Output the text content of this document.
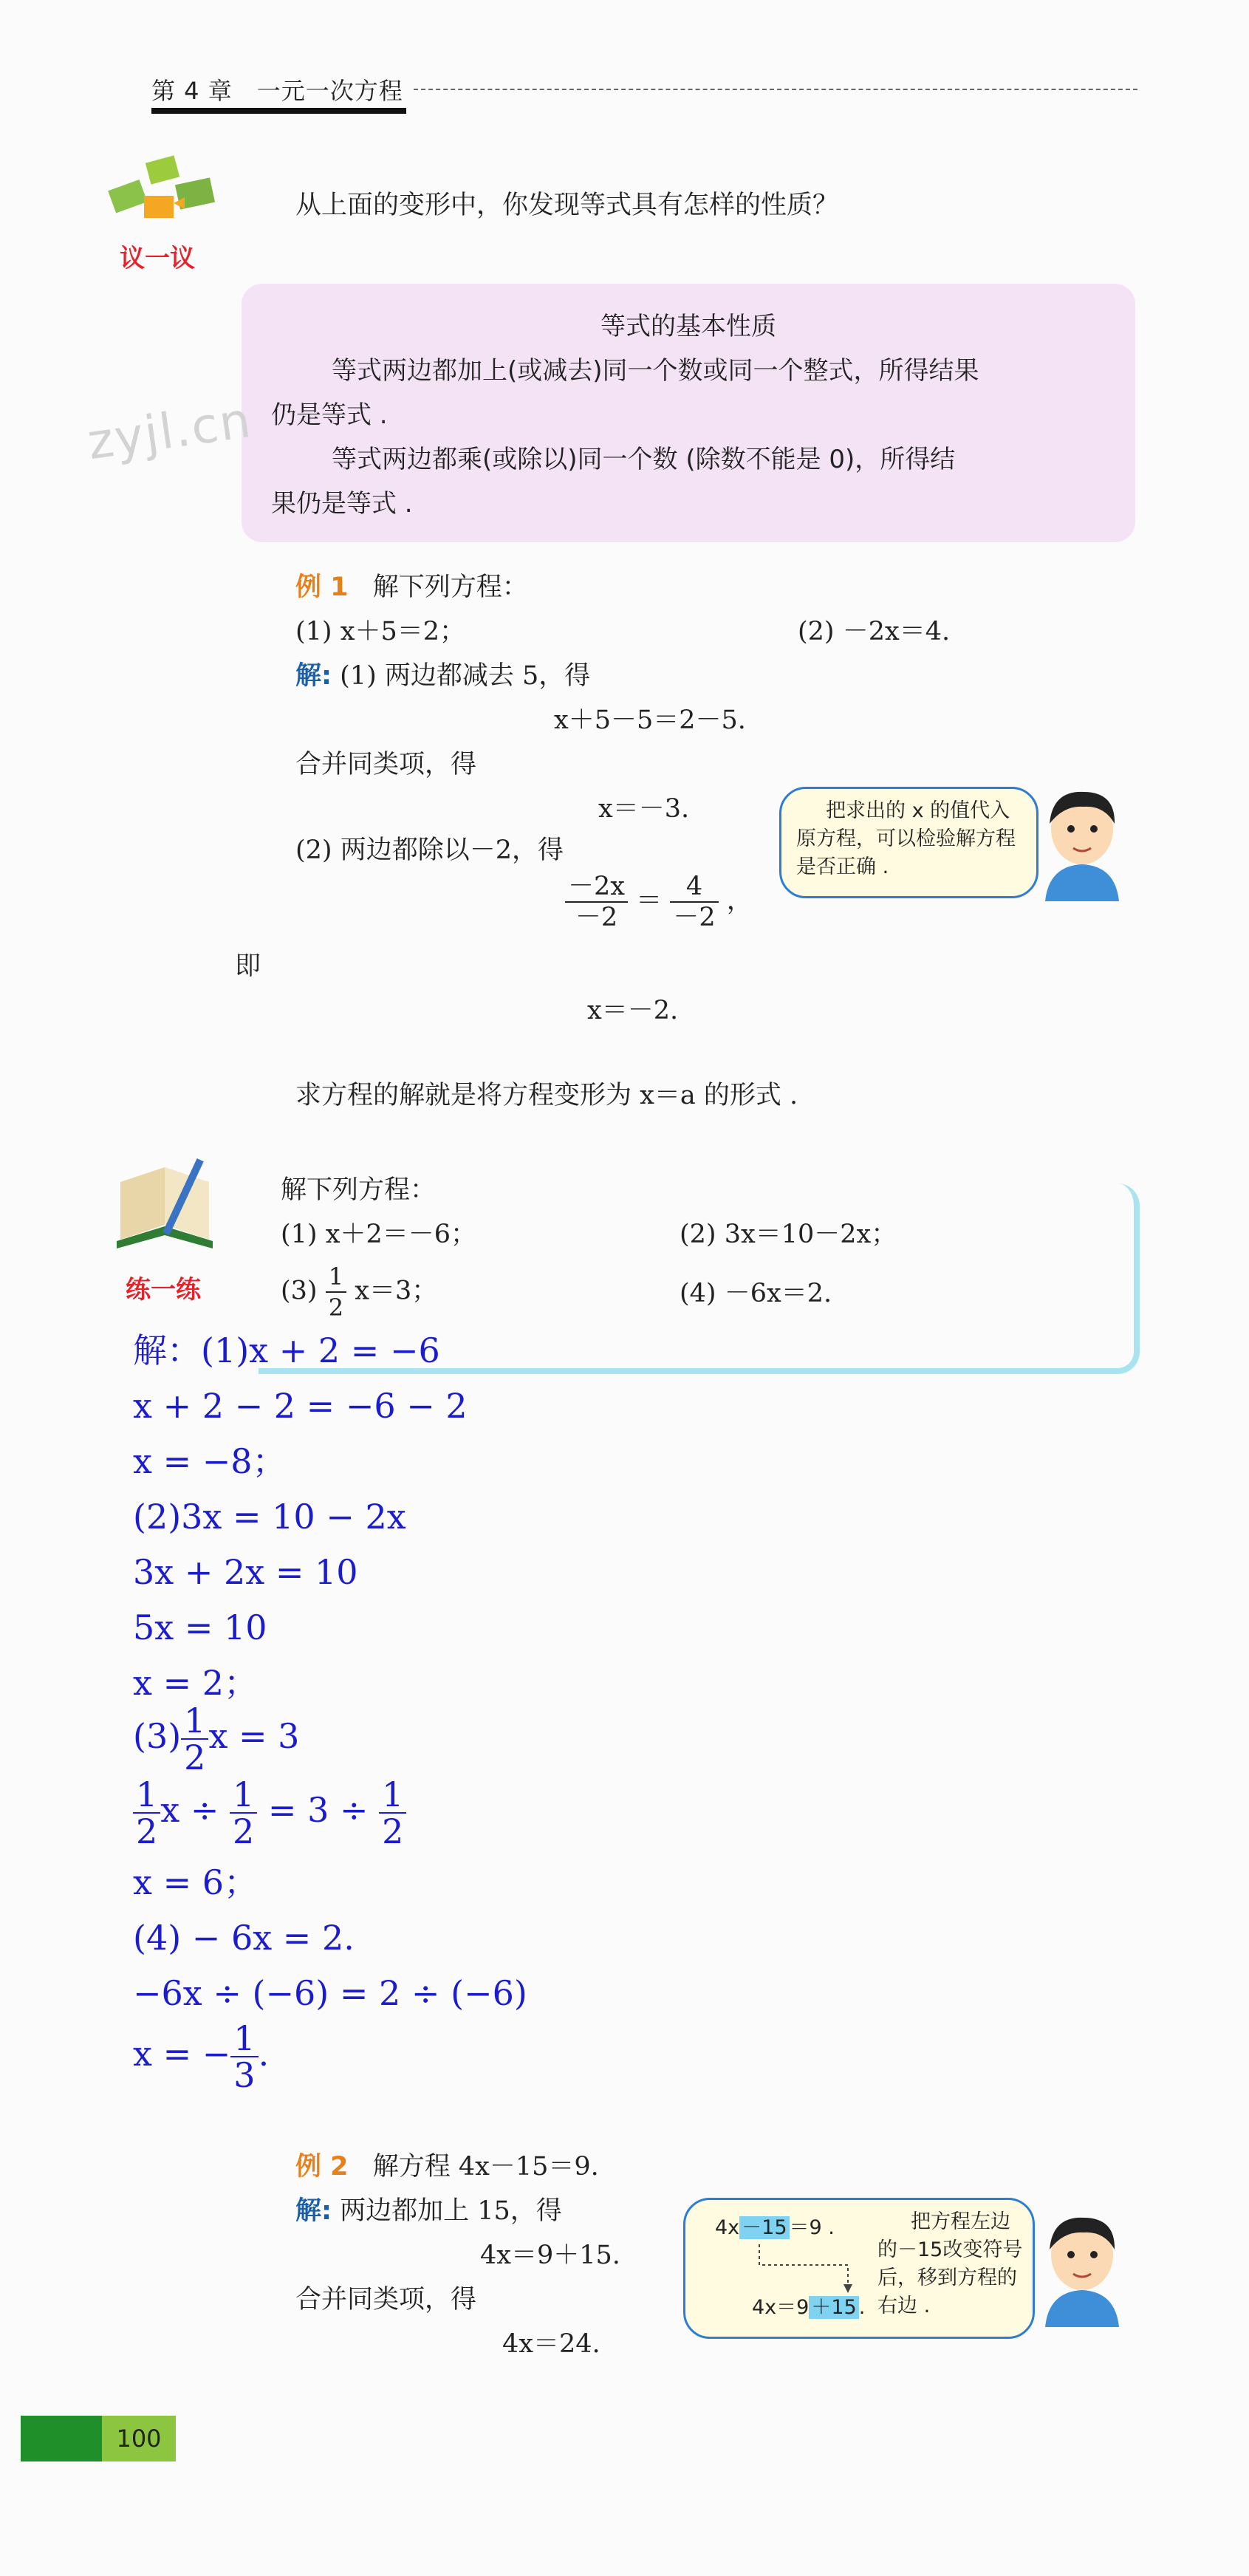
第 4 章　一元一次方程
议一议
从上面的变形中，你发现等式具有怎样的性质？
等式的基本性质
等式两边都加上(或减去)同一个数或同一个整式，所得结果
仍是等式 .
等式两边都乘(或除以)同一个数 (除数不能是 0)，所得结
果仍是等式 .
zyjl.cn
例 1 解下列方程：
(1) x＋5＝2；	(2) －2x＝4.
解: (1) 两边都减去 5，得
x＋5－5＝2－5.
合并同类项，得
x＝－3.
(2) 两边都除以－2，得
$\frac{-2x}{-2} = \frac{4}{-2}$ ，
即
x＝－2.
把求出的 x 的值代入
原方程，可以检验解方程
是否正确 .
求方程的解就是将方程变形为 x＝a 的形式 .
练一练
解下列方程：
(1) x＋2＝－6；	(2) 3x＝10－2x；
$(3) \frac{1}{2} x=3$；	(4) －6x＝2.
解：(1)x + 2 = −6
x + 2 − 2 = −6 − 2
x = −8；
(2)3x = 10 − 2x
3x + 2x = 10
5x = 10
x = 2；
$(3) \frac{1}{2}$ x = 3
$\frac{1}{2}$ $x \div \frac{1}{2} = 3 \div \frac{1}{2}$
x = 6；
(4) − 6x = 2.
−6x ÷ (−6) = 2 ÷ (−6)
x = − $\frac{1}{3}$ .
例 2 解方程 4x－15＝9.
解: 两边都加上 15，得
4x＝9＋15.
合并同类项，得
4x＝24.
4x －15 ＝9 .
4x＝9 ＋15 .
把方程左边
的－15改变符号
后，移到方程的
右边 .
100
